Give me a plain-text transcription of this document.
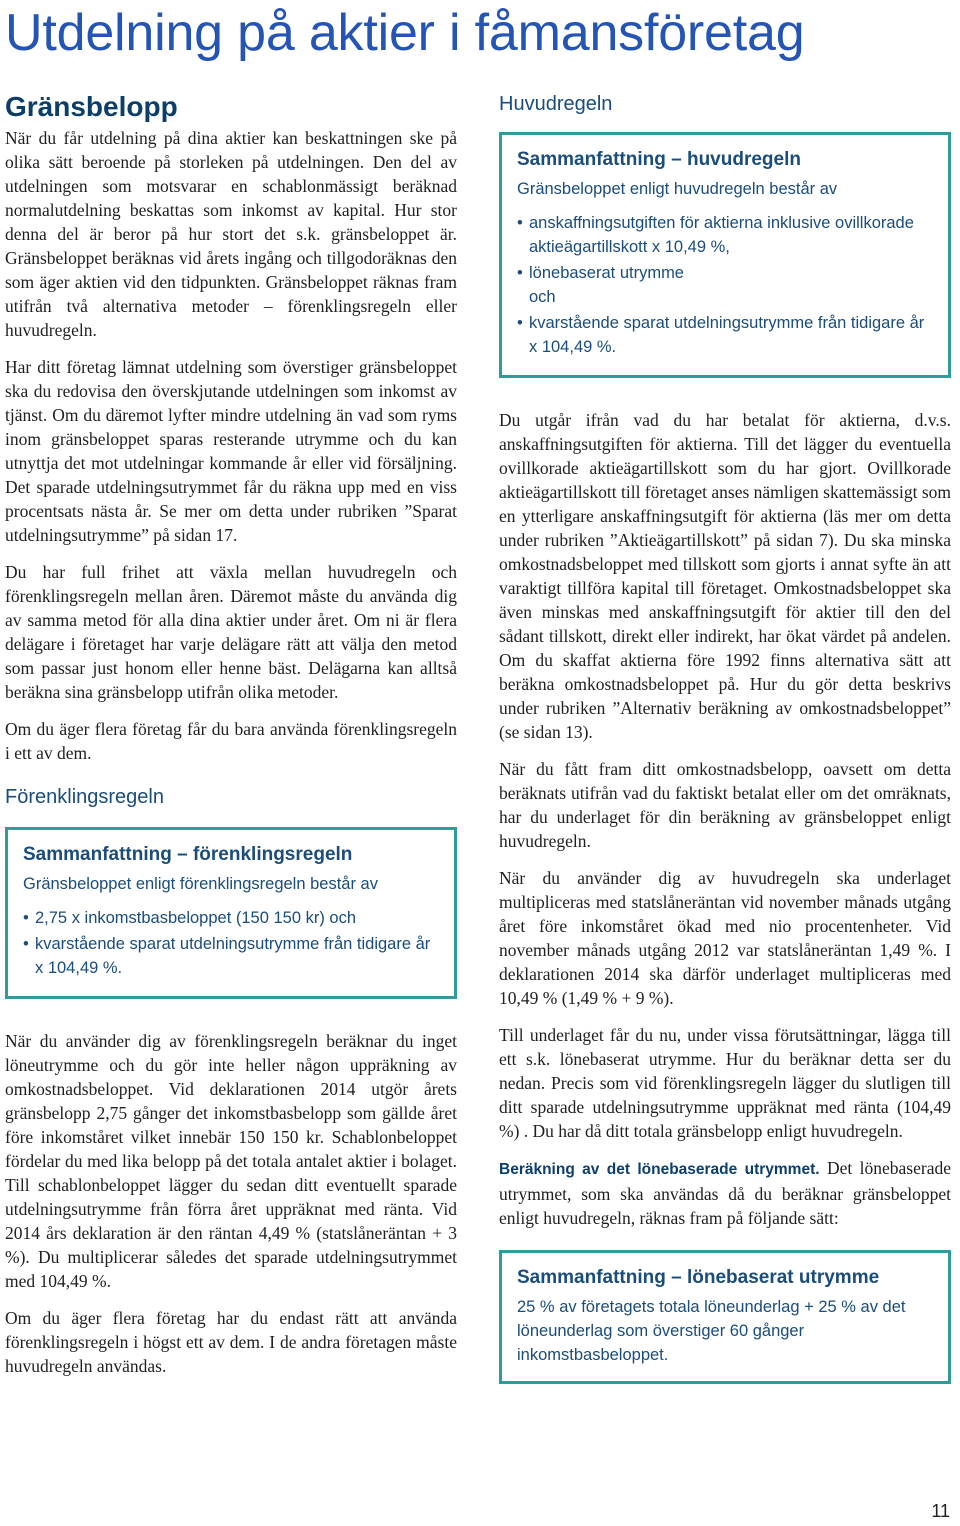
Utdelning på aktier i fåmansföretag
Gränsbelopp

När du får utdelning på dina aktier kan beskattningen ske på olika sätt beroende på storleken på utdelningen. Den del av utdelningen som motsvarar en schablonmässigt beräknad normalutdelning beskattas som inkomst av kapital. Hur stor denna del är beror på hur stort det s.k. gränsbeloppet är. Gränsbeloppet beräknas vid årets ingång och tillgodoräknas den som äger aktien vid den tidpunkten. Gränsbeloppet räknas fram utifrån två alternativa metoder – förenklingsregeln eller huvudregeln.

Har ditt företag lämnat utdelning som överstiger gränsbeloppet ska du redovisa den överskjutande utdelningen som inkomst av tjänst. Om du däremot lyfter mindre utdelning än vad som ryms inom gränsbeloppet sparas resterande utrymme och du kan utnyttja det mot utdelningar kommande år eller vid försäljning. Det sparade utdelningsutrymmet får du räkna upp med en viss procentsats nästa år. Se mer om detta under rubriken ”Sparat utdelningsutrymme” på sidan 17.

Du har full frihet att växla mellan huvudregeln och förenklingsregeln mellan åren. Däremot måste du använda dig av samma metod för alla dina aktier under året. Om ni är flera delägare i företaget har varje delägare rätt att välja den metod som passar just honom eller henne bäst. Delägarna kan alltså beräkna sina gränsbelopp utifrån olika metoder.

Om du äger flera företag får du bara använda förenklingsregeln i ett av dem.

Förenklingsregeln

Sammanfattning – förenklingsregeln

Gränsbeloppet enligt förenklingsregeln består av

• 2,75 x inkomstbasbeloppet (150 150 kr) och
• kvarstående sparat utdelningsutrymme från tidigare år x 104,49 %.

När du använder dig av förenklingsregeln beräknar du inget löneutrymme och du gör inte heller någon uppräkning av omkostnadsbeloppet. Vid deklarationen 2014 utgör årets gränsbelopp 2,75 gånger det inkomstbasbelopp som gällde året före inkomståret vilket innebär 150 150 kr. Schablonbeloppet fördelar du med lika belopp på det totala antalet aktier i bolaget. Till schablonbeloppet lägger du sedan ditt eventuellt sparade utdelningsutrymme från förra året uppräknat med ränta. Vid 2014 års deklaration är den räntan 4,49 % (statslåneräntan + 3 %). Du multiplicerar således det sparade utdelningsutrymmet med 104,49 %.

Om du äger flera företag har du endast rätt att använda förenklingsregeln i högst ett av dem. I de andra företagen måste huvudregeln användas.

Huvudregeln

Sammanfattning – huvudregeln

Gränsbeloppet enligt huvudregeln består av

• anskaffningsutgiften för aktierna inklusive ovillkorade aktieägartillskott x 10,49 %,
• lönebaserat utrymme
och
• kvarstående sparat utdelningsutrymme från tidigare år x 104,49 %.

Du utgår ifrån vad du har betalat för aktierna, d.v.s. anskaffningsutgiften för aktierna. Till det lägger du eventuella ovillkorade aktieägartillskott som du har gjort. Ovillkorade aktieägartillskott till företaget anses nämligen skattemässigt som en ytterligare anskaffningsutgift för aktierna (läs mer om detta under rubriken ”Aktieägartillskott” på sidan 7). Du ska minska omkostnadsbeloppet med tillskott som gjorts i annat syfte än att varaktigt tillföra kapital till företaget. Omkostnadsbeloppet ska även minskas med anskaffningsutgift för aktier till den del sådant tillskott, direkt eller indirekt, har ökat värdet på andelen. Om du skaffat aktierna före 1992 finns alternativa sätt att beräkna omkostnadsbeloppet på. Hur du gör detta beskrivs under rubriken ”Alternativ beräkning av omkostnadsbeloppet” (se sidan 13).

När du fått fram ditt omkostnadsbelopp, oavsett om detta beräknats utifrån vad du faktiskt betalat eller om det omräknats, har du underlaget för din beräkning av gränsbeloppet enligt huvudregeln.

När du använder dig av huvudregeln ska underlaget multipliceras med statslåneräntan vid november månads utgång året före inkomståret ökad med nio procentenheter. Vid november månads utgång 2012 var statslåneräntan 1,49 %. I deklarationen 2014 ska därför underlaget multipliceras med 10,49 % (1,49 % + 9 %).

Till underlaget får du nu, under vissa förutsättningar, lägga till ett s.k. lönebaserat utrymme. Hur du beräknar detta ser du nedan. Precis som vid förenklingsregeln lägger du slutligen till ditt sparade utdelningsutrymme uppräknat med ränta (104,49 %) . Du har då ditt totala gränsbelopp enligt huvudregeln.

Beräkning av det lönebaserade utrymmet. Det lönebaserade utrymmet, som ska användas då du beräknar gränsbeloppet enligt huvudregeln, räknas fram på följande sätt:

Sammanfattning – lönebaserat utrymme

25 % av företagets totala löneunderlag + 25 % av det löneunderlag som överstiger 60 gånger inkomstbasbeloppet.

11
